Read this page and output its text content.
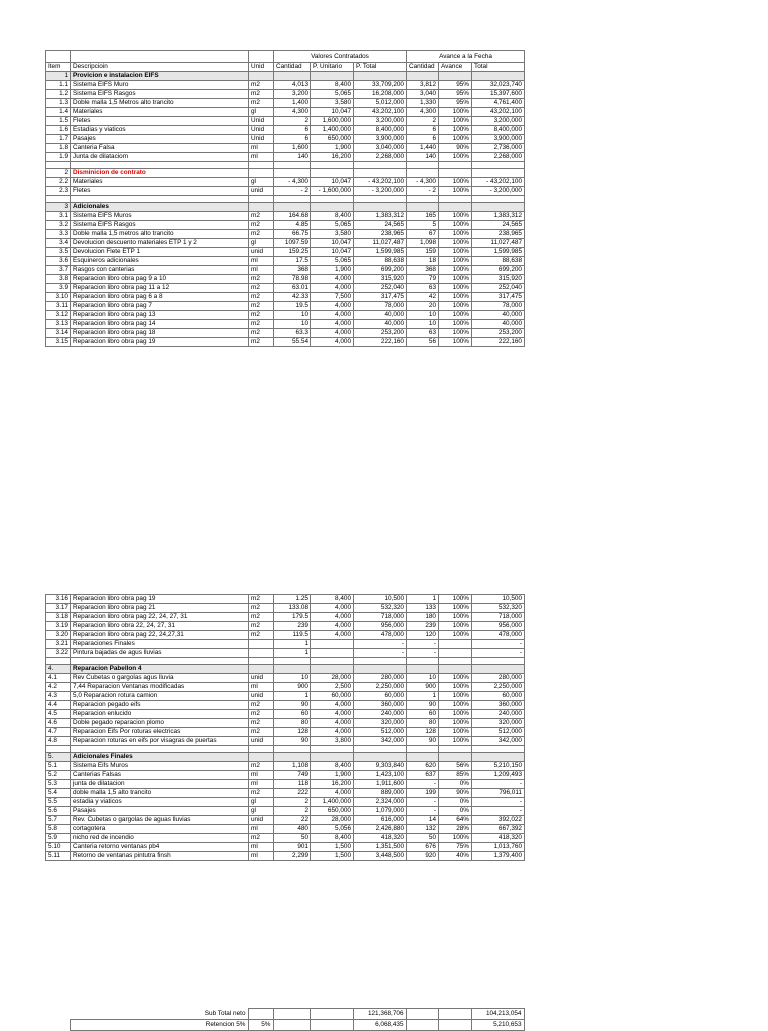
			Valores Contratados			Avance a la Fecha		
Item	Descripcioin	Unid	Cantidad	P. Unitario	P. Total	Cantidad	Avance	Total
1	Provicion e instalacion EIFS							
1.1	Sistema EIFS Muro	m2	4,013	8,400	33,709,200	3,812	95%	32,023,740
1.2	Sistema EIFS Rasgos	m2	3,200	5,065	16,208,000	3,040	95%	15,397,600
1.3	Doble malla 1,5 Metros alto trancito	m2	1,400	3,580	5,012,000	1,330	95%	4,761,400
1.4	Materiales	gl	4,300	10,047	43,202,100	4,300	100%	43,202,100
1.5	Fletes	Unid	2	1,600,000	3,200,000	2	100%	3,200,000
1.6	Estadias y viaticos	Unid	6	1,400,000	8,400,000	6	100%	8,400,000
1.7	Pasajes	Unid	6	650,000	3,900,000	6	100%	3,900,000
1.8	Canteria Falsa	ml	1,600	1,900	3,040,000	1,440	90%	2,736,000
1.9	Junta de dilataciom	ml	140	16,200	2,268,000	140	100%	2,268,000

2	Disminicion de contrato							
2.2	Materiales	gl	- 4,300	10,047	- 43,202,100	- 4,300	100%	- 43,202,100
2.3	Fletes	unid	- 2	- 1,600,000	- 3,200,000	- 2	100%	- 3,200,000

3	Adicionales							
3.1	Sistema EIFS Muros	m2	164.68	8,400	1,383,312	165	100%	1,383,312
3.2	Sistema EIFS Rasgos	m2	4.85	5,065	24,565	5	100%	24,565
3.3	Doble malla 1,5 metros alto trancito	m2	66.75	3,580	238,965	67	100%	238,965
3.4	Devolucion descuento materiales ETP 1 y 2	gl	1097.59	10,047	11,027,487	1,098	100%	11,027,487
3.5	Devolucion Flete ETP 1	unid	159.25	10,047	1,599,985	159	100%	1,599,985
3.6	Esquineros adicionales	ml	17.5	5,065	88,638	18	100%	88,638
3.7	Rasgos con canterias	ml	368	1,900	699,200	368	100%	699,200
3.8	Reparacion libro obra pag 9 a 10	m2	78.98	4,000	315,920	79	100%	315,920
3.9	Reparacion libro obra pag 11 a 12	m2	63.01	4,000	252,040	63	100%	252,040
3.10	Reparacion libro obra pag 6 a 8	m2	42.33	7,500	317,475	42	100%	317,475
3.11	Reparacion libro obra pag 7	m2	19.5	4,000	78,000	20	100%	78,000
3.12	Reparacion libro obra pag 13	m2	10	4,000	40,000	10	100%	40,000
3.13	Reparacion libro obra pag 14	m2	10	4,000	40,000	10	100%	40,000
3.14	Reparacion libro obra pag 18	m2	63.3	4,000	253,200	63	100%	253,200
3.15	Reparacion libro obra pag 19	m2	55.54	4,000	222,160	56	100%	222,160
3.16	Reparacion libro obra pag 19	m2	1.25	8,400	10,500	1	100%	10,500
3.17	Reparacion libro obra pag 21	m2	133.08	4,000	532,320	133	100%	532,320
3.18	Reparacion libro obra pag 22, 24, 27, 31	m2	179.5	4,000	718,000	180	100%	718,000
3.19	Reparacion libro obra 22, 24, 27, 31	m2	239	4,000	956,000	239	100%	956,000
3.20	Reparacion libro obra pag 22, 24,27,31	m2	119.5	4,000	478,000	120	100%	478,000
3.21	Reparaciones Finales		1		-	-		-
3.22	Pintura bajadas de agus lluvias		1		-	-		-

4.	Reparacion Pabellon 4							
4.1	Rev Cubetas o gargolas agus lluvia	unid	10	28,000	280,000	10	100%	280,000
4.2	7,44 Reparacion Ventanas modificadas	ml	900	2,500	2,250,000	900	100%	2,250,000
4.3	5,0 Reparacion rotura camion	unid	1	60,000	60,000	1	100%	60,000
4.4	Reparacion pegado eifs	m2	90	4,000	360,000	90	100%	360,000
4.5	Reparacion enlucido	m2	60	4,000	240,000	60	100%	240,000
4.6	Doble pegado reparacion plomo	m2	80	4,000	320,000	80	100%	320,000
4.7	Reparacion Eifs Por roturas electricas	m2	128	4,000	512,000	128	100%	512,000
4.8	Reparacion roturas en eifs por visagras de puertas	unid	90	3,800	342,000	90	100%	342,000

5.	Adicionales Finales							
5.1	Sistema Eifs Muros	m2	1,108	8,400	9,303,840	620	56%	5,210,150
5.2	Canterias Falsas	ml	749	1,900	1,423,100	637	85%	1,209,493
5.3	junta de dilatacion	ml	118	16,200	1,911,600	-	0%	-
5.4	doble malla 1,5 alto trancito	m2	222	4,000	889,000	199	90%	796,011
5.5	estadia y viaticos	gl	2	1,400,000	2,324,000	-	0%	-
5.6	Pasajes	gl	2	650,000	1,079,000	-	0%	-
5.7	Rev. Cubetas o gargolas de aguas lluvias	unid	22	28,000	616,000	14	64%	392,022
5.8	cortagotera	ml	480	5,056	2,426,880	132	28%	667,392
5.9	nicho red de incendio	m2	50	8,400	418,320	50	100%	418,320
5.10	Canteria retorno ventanas pb4	ml	901	1,500	1,351,500	676	75%	1,013,760
5.11	Retorno de ventanas pintutra finsh	ml	2,299	1,500	3,448,500	920	40%	1,379,400
	Sub Total neto				121,368,706			104,213,054
	Retencion 5%	5%			6,068,435			5,210,653
